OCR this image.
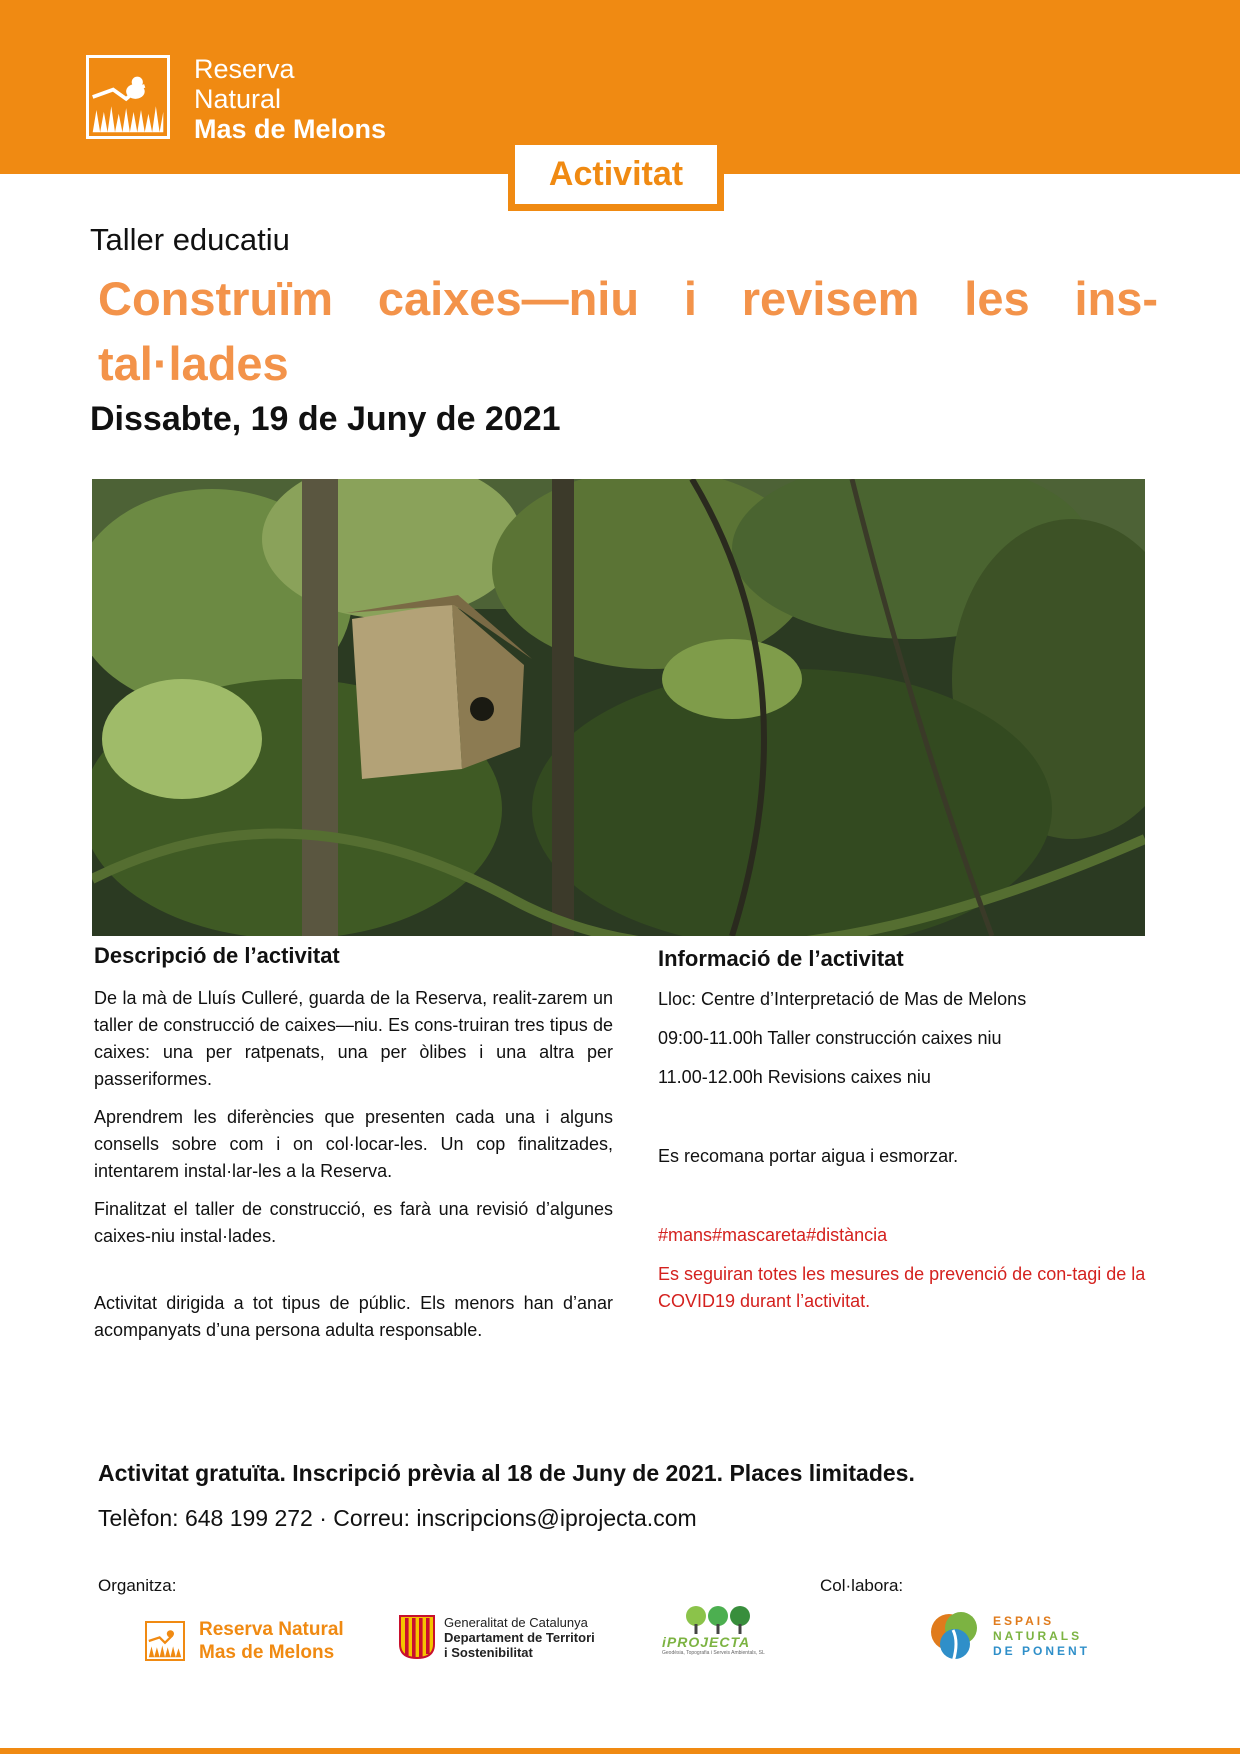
Reserva
Natural
Mas de Melons
Activitat
Taller educatiu
Construïm caixes—niu i revisem les ins-tal·lades
Dissabte, 19 de Juny de 2021
Descripció de l’activitat
De la mà de Lluís Culleré, guarda de la Reserva, realit-zarem un taller de construcció de caixes—niu. Es cons-truiran tres tipus de caixes: una per ratpenats, una per òlibes i una altra per passeriformes.
Aprendrem les diferències que presenten cada una i alguns consells sobre com i on col·locar-les. Un cop finalitzades, intentarem instal·lar-les a la Reserva.
Finalitzat el taller de construcció, es farà una revisió d’algunes caixes-niu instal·lades.
Activitat dirigida a tot tipus de públic. Els menors han d’anar acompanyats d’una persona adulta responsable.
Informació de l’activitat
Lloc: Centre d’Interpretació de Mas de Melons
09:00-11.00h Taller construcción caixes niu
11.00-12.00h Revisions caixes niu
Es recomana portar aigua i esmorzar.
#mans#mascareta#distància
Es seguiran totes les mesures de prevenció de con-tagi de la COVID19 durant l’activitat.
Activitat gratuïta. Inscripció prèvia al 18 de Juny de 2021. Places limitades.
Telèfon: 648 199 272 · Correu: inscripcions@iprojecta.com
Organitza:	Col·labora:
Reserva Natural
Mas de Melons
Generalitat de Catalunya
Departament de Territori
i Sostenibilitat
iPROJECTA
Geodèsia, Topografia i Serveis Ambientals, SL
ESPAIS
NATURALS
DE PONENT
